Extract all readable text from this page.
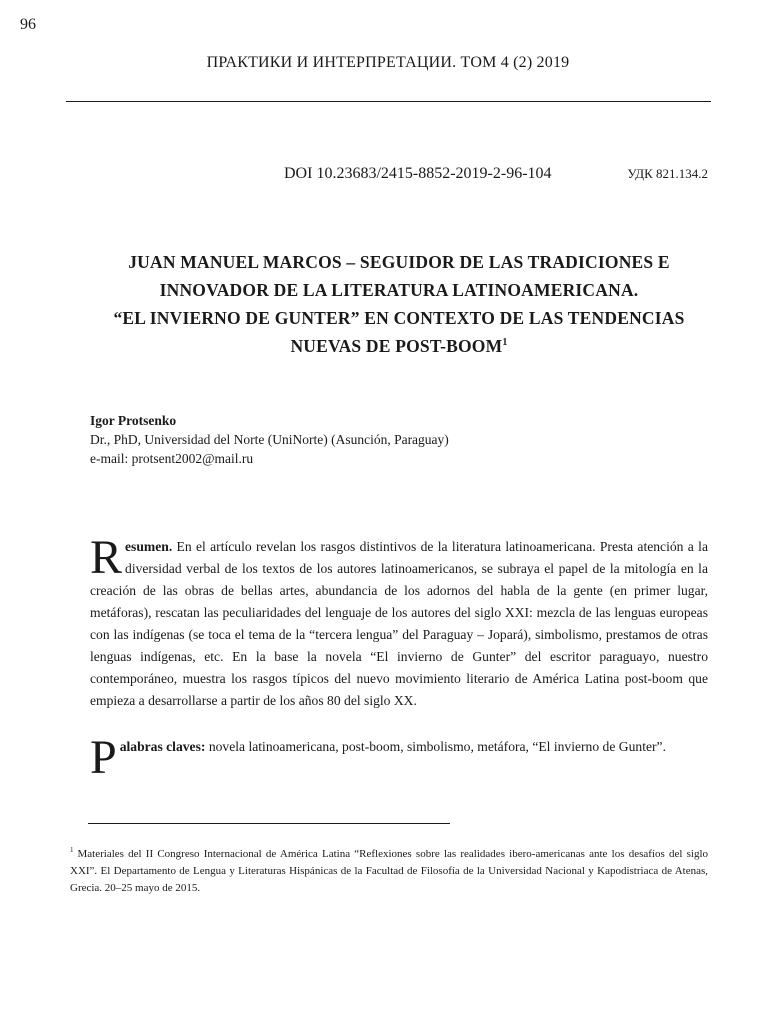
96
ПРАКТИКИ И ИНТЕРПРЕТАЦИИ. ТОМ 4 (2) 2019
DOI 10.23683/2415-8852-2019-2-96-104	УДК 821.134.2
JUAN MANUEL MARCOS – SEGUIDOR DE LAS TRADICIONES E
INNOVADOR DE LA LITERATURA LATINOAMERICANA.
“EL INVIERNO DE GUNTER” EN CONTEXTO DE LAS TENDENCIAS
NUEVAS DE POST-BOOM$^1$
Igor Protsenko
Dr., PhD, Universidad del Norte (UniNorte) (Asunción, Paraguay)
e-mail: protsent2002@mail.ru
Resumen. En el artículo revelan los rasgos distintivos de la literatura latinoamericana. Presta atención a la diversidad verbal de los textos de los autores latinoamericanos, se subraya el papel de la mitología en la creación de las obras de bellas artes, abundancia de los adornos del habla de la gente (en primer lugar, metáforas), rescatan las peculiaridades del lenguaje de los autores del siglo XXI: mezcla de las lenguas europeas con las indígenas (se toca el tema de la “tercera lengua” del Paraguay – Jopará), simbolismo, prestamos de otras lenguas indígenas, etc. En la base la novela “El invierno de Gunter” del escritor paraguayo, nuestro contemporáneo, muestra los rasgos típicos del nuevo movimiento literario de América Latina post-boom que empieza a desarrollarse a partir de los años 80 del siglo XX.
Palabras claves: novela latinoamericana, post-boom, simbolismo, metáfora, “El invierno de Gunter”.
$^1$ Materiales del II Congreso Internacional de América Latina “Reflexiones sobre las realidades ibero-americanas ante los desafíos del siglo XXI”. El Departamento de Lengua y Literaturas Hispánicas de la Facultad de Filosofía de la Universidad Nacional y Kapodistriaca de Atenas, Grecia. 20–25 mayo de 2015.
